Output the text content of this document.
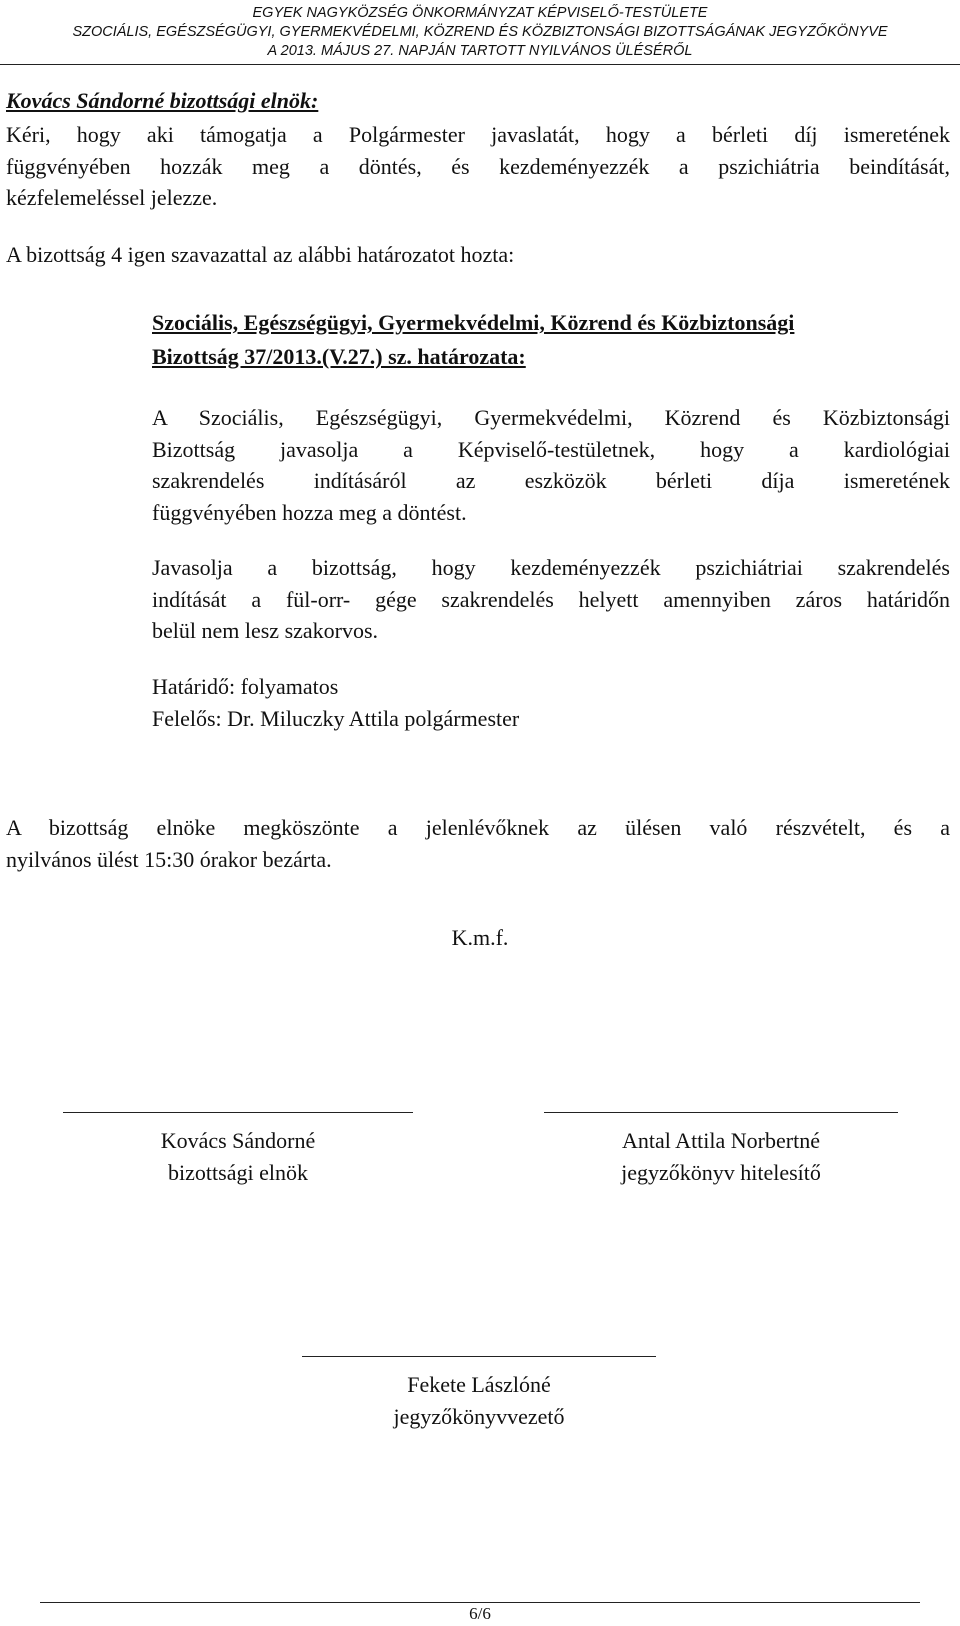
EGYEK NAGYKÖZSÉG ÖNKORMÁNYZAT KÉPVISELŐ-TESTÜLETE
SZOCIÁLIS, EGÉSZSÉGÜGYI, GYERMEKVÉDELMI, KÖZREND ÉS KÖZBIZTONSÁGI BIZOTTSÁGÁNAK JEGYZŐKÖNYVE
A 2013. MÁJUS 27. NAPJÁN TARTOTT NYILVÁNOS ÜLÉSÉRŐL
Kovács Sándorné bizottsági elnök:
Kéri, hogy aki támogatja a Polgármester javaslatát, hogy a bérleti díj ismeretének
függvényében hozzák meg a döntés, és kezdeményezzék a pszichiátria beindítását,
kézfelemeléssel jelezze.
A bizottság 4 igen szavazattal az alábbi határozatot hozta:
Szociális, Egészségügyi, Gyermekvédelmi, Közrend és Közbiztonsági
Bizottság 37/2013.(V.27.) sz. határozata:
A Szociális, Egészségügyi, Gyermekvédelmi, Közrend és Közbiztonsági
Bizottság javasolja a Képviselő-testületnek, hogy a kardiológiai
szakrendelés indításáról az eszközök bérleti díja ismeretének
függvényében hozza meg a döntést.
Javasolja a bizottság, hogy kezdeményezzék pszichiátriai szakrendelés
indítását a fül-orr- gége szakrendelés helyett amennyiben záros határidőn
belül nem lesz szakorvos.
Határidő: folyamatos
Felelős: Dr. Miluczky Attila polgármester
A bizottság elnöke megköszönte a jelenlévőknek az ülésen való részvételt, és a
nyilvános ülést 15:30 órakor bezárta.
K.m.f.
Kovács Sándorné
bizottsági elnök
Antal Attila Norbertné
jegyzőkönyv hitelesítő
Fekete Lászlóné
jegyzőkönyvvezető
6/6
